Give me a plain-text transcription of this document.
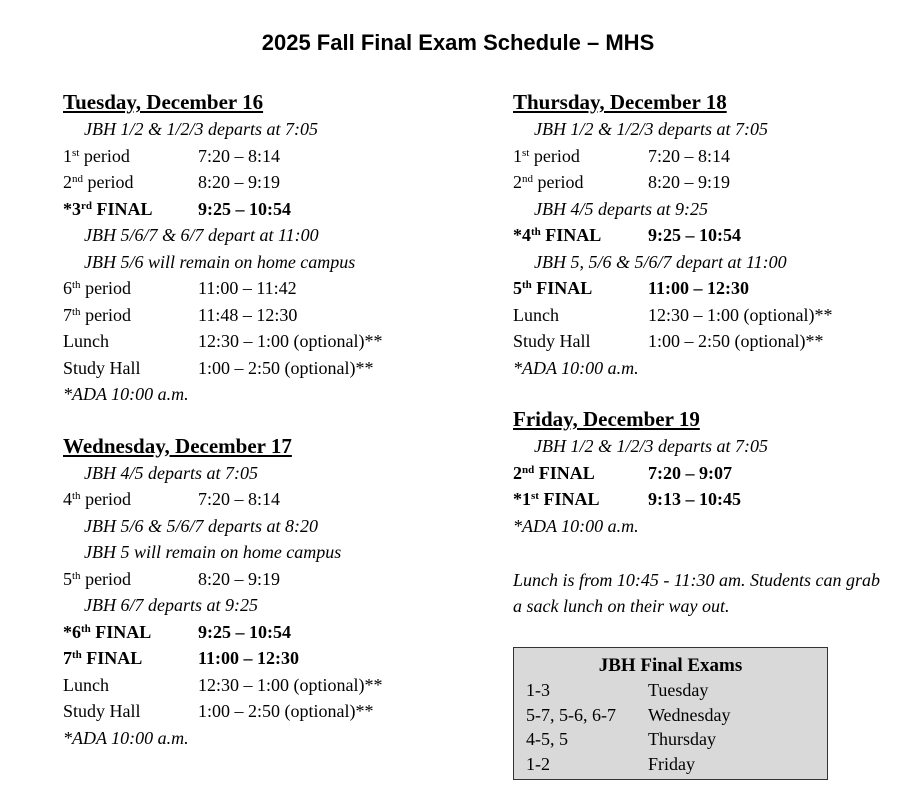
2025 Fall Final Exam Schedule – MHS
Tuesday, December 16
JBH 1/2 & 1/2/3 departs at 7:05
1st period	7:20 – 8:14
2nd period	8:20 – 9:19
*3rd FINAL	9:25 – 10:54
JBH 5/6/7 & 6/7 depart at 11:00
JBH 5/6 will remain on home campus
6th period	11:00 – 11:42
7th period	11:48 – 12:30
Lunch	12:30 – 1:00 (optional)**
Study Hall	1:00 – 2:50 (optional)**
*ADA 10:00 a.m.
Wednesday, December 17
JBH 4/5 departs at 7:05
4th period	7:20 – 8:14
JBH 5/6 & 5/6/7 departs at 8:20
JBH 5 will remain on home campus
5th period	8:20 – 9:19
JBH 6/7 departs at 9:25
*6th FINAL	9:25 – 10:54
7th FINAL	11:00 – 12:30
Lunch	12:30 – 1:00 (optional)**
Study Hall	1:00 – 2:50 (optional)**
*ADA 10:00 a.m.
Thursday, December 18
JBH 1/2 & 1/2/3 departs at 7:05
1st period	7:20 – 8:14
2nd period	8:20 – 9:19
JBH 4/5 departs at 9:25
*4th FINAL	9:25 – 10:54
JBH 5, 5/6 & 5/6/7 depart at 11:00
5th FINAL	11:00 – 12:30
Lunch	12:30 – 1:00 (optional)**
Study Hall	1:00 – 2:50 (optional)**
*ADA 10:00 a.m.
Friday, December 19
JBH 1/2 & 1/2/3 departs at 7:05
2nd FINAL	7:20 – 9:07
*1st FINAL	9:13 – 10:45
*ADA 10:00 a.m.
Lunch is from 10:45 - 11:30 am. Students can grab a sack lunch on their way out.
JBH Final Exams
1-3	Tuesday
5-7, 5-6, 6-7 Wednesday
4-5, 5	Thursday
1-2	Friday
